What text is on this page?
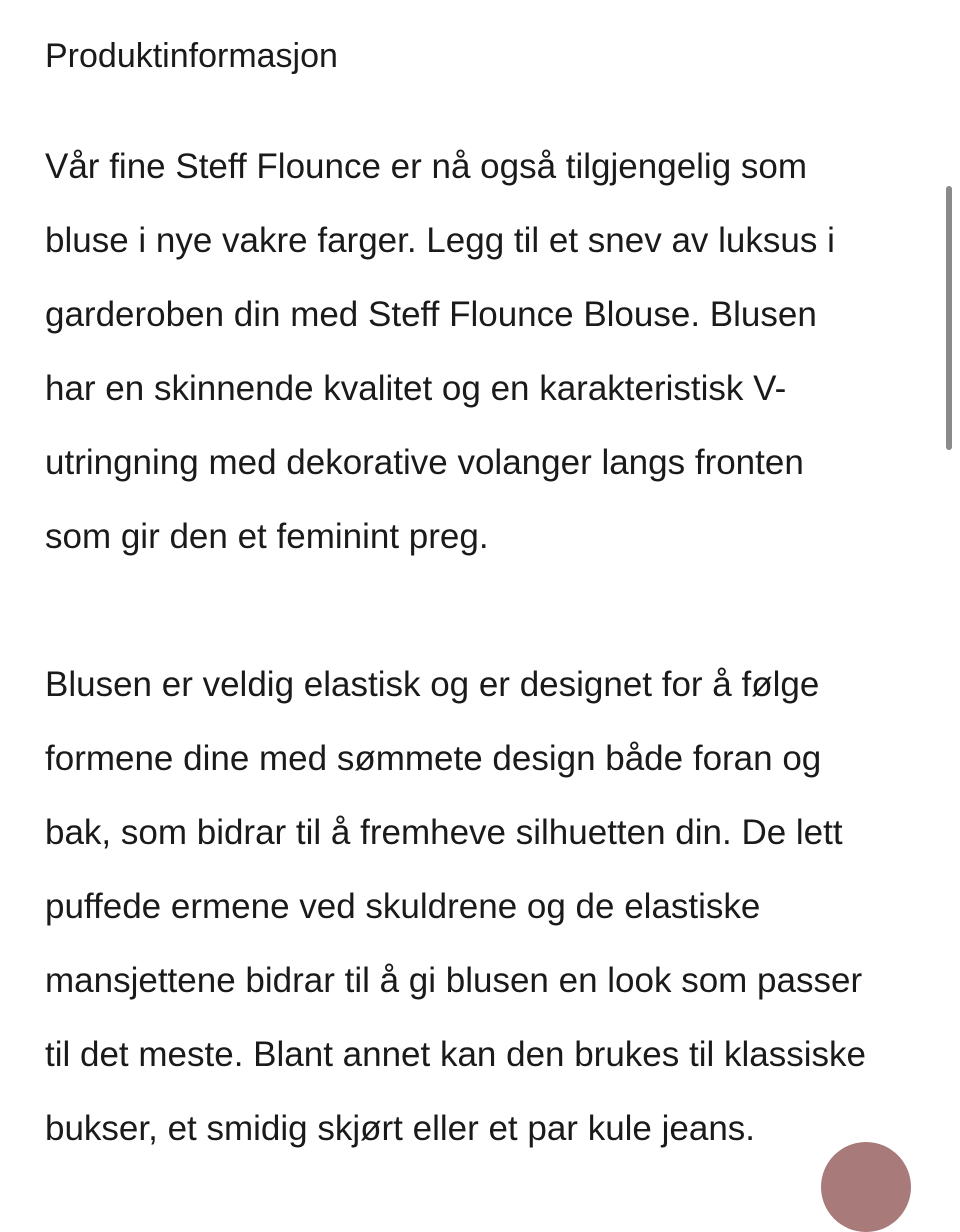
Produktinformasjon
Vår fine Steff Flounce er nå også tilgjengelig som
bluse i nye vakre farger. Legg til et snev av luksus i
garderoben din med Steff Flounce Blouse. Blusen
har en skinnende kvalitet og en karakteristisk V-
utringning med dekorative volanger langs fronten
som gir den et feminint preg.
Blusen er veldig elastisk og er designet for å følge
formene dine med sømmete design både foran og
bak, som bidrar til å fremheve silhuetten din. De lett
puffede ermene ved skuldrene og de elastiske
mansjettene bidrar til å gi blusen en look som passer
til det meste. Blant annet kan den brukes til klassiske
bukser, et smidig skjørt eller et par kule jeans.
